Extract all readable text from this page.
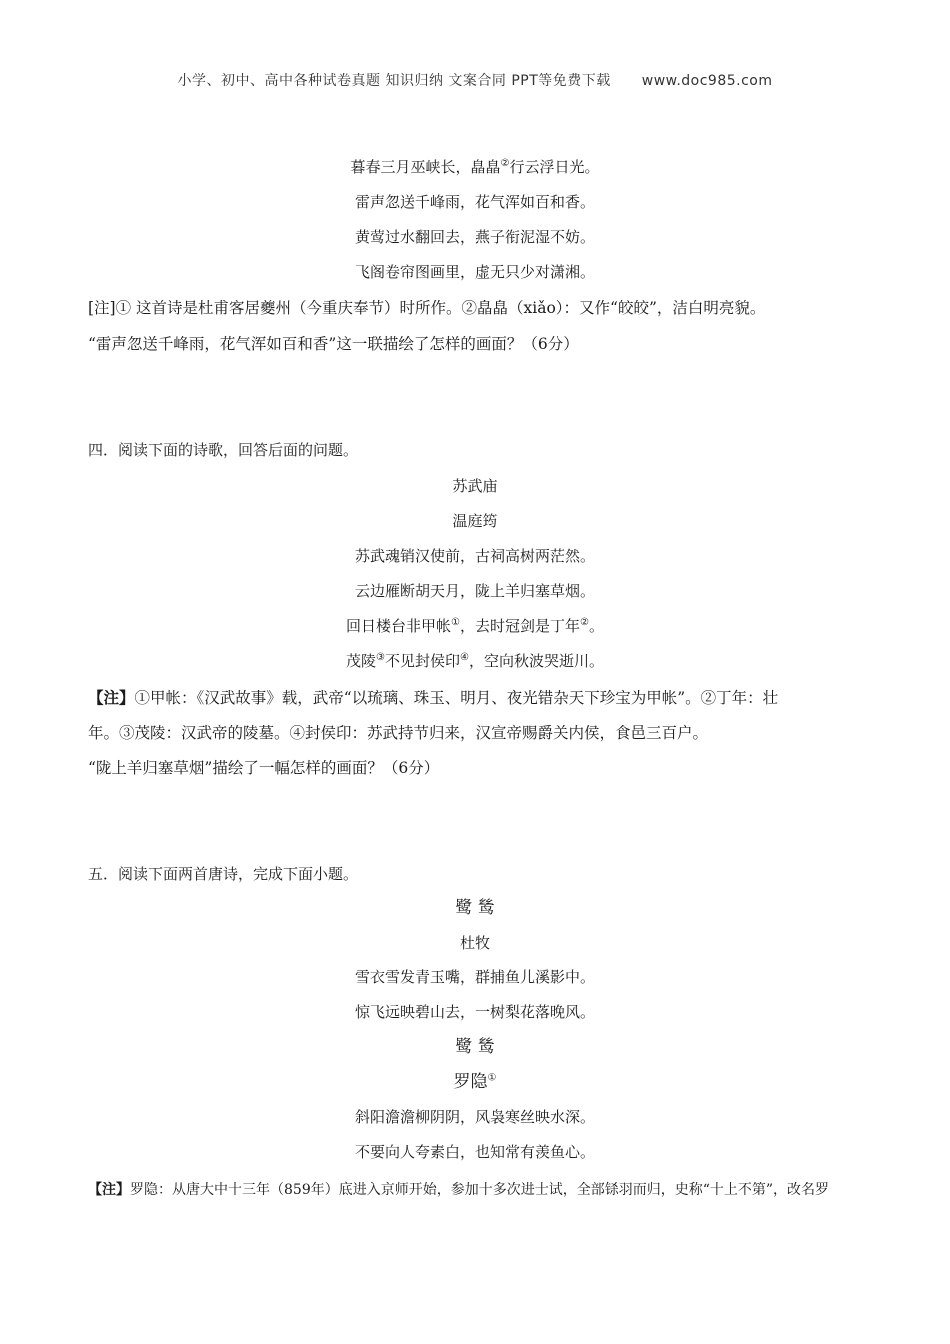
小学、初中、高中各种试卷真题 知识归纳 文案合同 PPT等免费下载 www.doc985.com
暮春三月巫峡长，皛皛②行云浮日光。
雷声忽送千峰雨，花气浑如百和香。
黄莺过水翻回去，燕子衔泥湿不妨。
飞阁卷帘图画里，虚无只少对潇湘。
[注]① 这首诗是杜甫客居夔州（今重庆奉节）时所作。②皛皛（xiǎo）：又作“皎皎”，洁白明亮貌。
“雷声忽送千峰雨，花气浑如百和香”这一联描绘了怎样的画面？（6分）
四．阅读下面的诗歌，回答后面的问题。
苏武庙
温庭筠
苏武魂销汉使前，古祠高树两茫然。
云边雁断胡天月，陇上羊归塞草烟。
回日楼台非甲帐①，去时冠剑是丁年②。
茂陵③不见封侯印④，空向秋波哭逝川。
【注】①甲帐：《汉武故事》载，武帝“以琉璃、珠玉、明月、夜光错杂天下珍宝为甲帐”。②丁年：壮
年。③茂陵：汉武帝的陵墓。④封侯印：苏武持节归来，汉宣帝赐爵关内侯，食邑三百户。
“陇上羊归塞草烟”描绘了一幅怎样的画面？（6分）
五．阅读下面两首唐诗，完成下面小题。
鹭 鸶
杜牧
雪衣雪发青玉嘴，群捕鱼儿溪影中。
惊飞远映碧山去，一树梨花落晚风。
鹭 鸶
罗隐①
斜阳澹澹柳阴阴，风袅寒丝映水深。
不要向人夸素白，也知常有羡鱼心。
【注】罗隐：从唐大中十三年（859年）底进入京师开始，参加十多次进士试，全部铩羽而归，史称“十上不第”，改名罗
